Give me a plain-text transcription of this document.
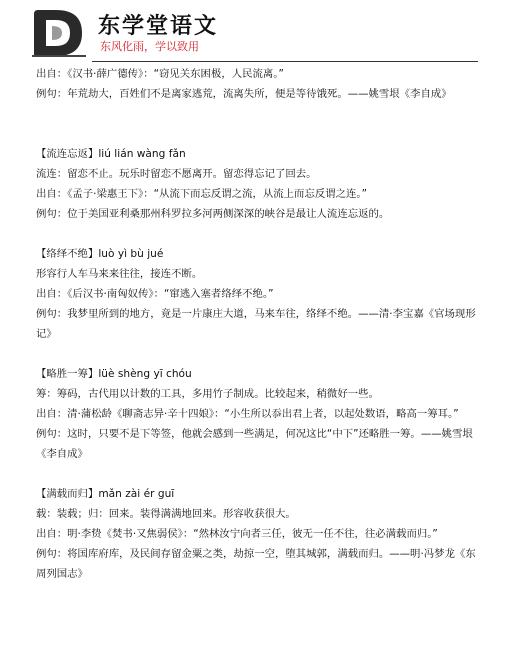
东学堂语文
东风化雨，学以致用
出自：《汉书·薛广德传》：“窃见关东困极，人民流离。”
例句：年荒劫大，百姓们不是离家逃荒，流离失所，便是等待饿死。——姚雪垠《李自成》
【流连忘返】liú lián wàng fǎn
流连：留恋不止。玩乐时留恋不愿离开。留恋得忘记了回去。
出自：《孟子·梁惠王下》：“从流下而忘反谓之流，从流上而忘反谓之连。”
例句：位于美国亚利桑那州科罗拉多河两侧深深的峡谷是最让人流连忘返的。
【络绎不绝】luò yì bù jué
形容行人车马来来往往，接连不断。
出自：《后汉书·南匈奴传》：“窜逃入塞者络绎不绝。”
例句：我梦里所到的地方，竟是一片康庄大道，马来车往，络绎不绝。——清·李宝嘉《官场现形记》
【略胜一筹】lüè shèng yī chóu
筹：筹码，古代用以计数的工具，多用竹子制成。比较起来，稍微好一些。
出自：清·蒲松龄《聊斋志异·辛十四娘》：“小生所以忝出君上者，以起处数语，略高一筹耳。”
例句：这时，只要不是下等签，他就会感到一些满足，何况这比“中下”还略胜一筹。——姚雪垠《李自成》
【满载而归】mǎn zài ér guī
载：装载；归：回来。装得满满地回来。形容收获很大。
出自：明·李贽《焚书·又焦弱侯》：“然林汝宁向者三任，彼无一任不往，往必满载而归。”
例句：将国库府库，及民间存留金粟之类，劫掠一空，堕其城郭，满载而归。——明·冯梦龙《东周列国志》
